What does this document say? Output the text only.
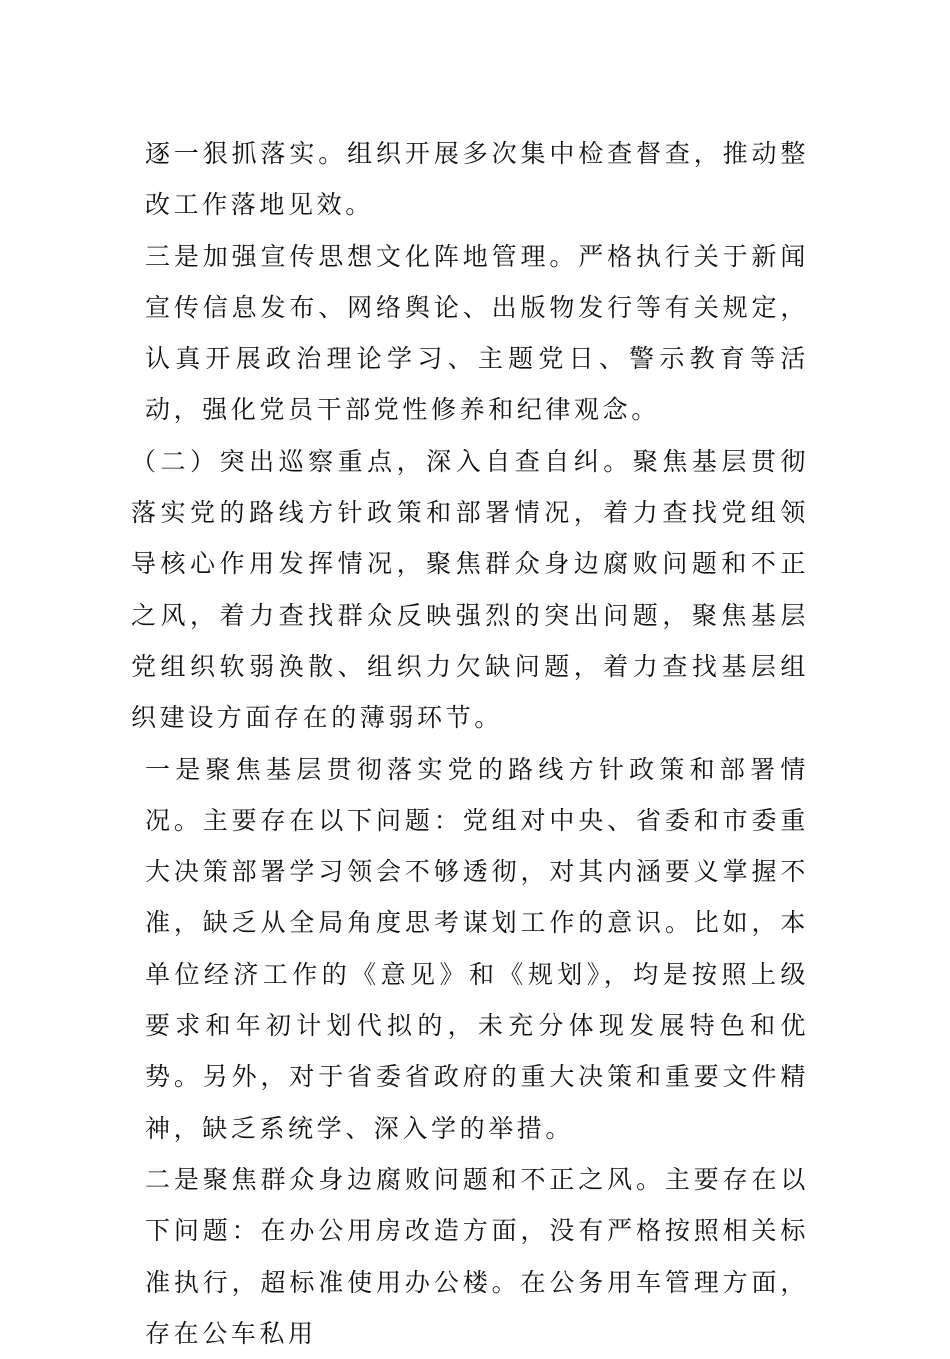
逐一狠抓落实。组织开展多次集中检查督查，推动整改工作落地见效。

三是加强宣传思想文化阵地管理。严格执行关于新闻宣传信息发布、网络舆论、出版物发行等有关规定，认真开展政治理论学习、主题党日、警示教育等活动，强化党员干部党性修养和纪律观念。

（二）突出巡察重点，深入自查自纠。聚焦基层贯彻落实党的路线方针政策和部署情况，着力查找党组领导核心作用发挥情况，聚焦群众身边腐败问题和不正之风，着力查找群众反映强烈的突出问题，聚焦基层党组织软弱涣散、组织力欠缺问题，着力查找基层组织建设方面存在的薄弱环节。

一是聚焦基层贯彻落实党的路线方针政策和部署情况。主要存在以下问题：党组对中央、省委和市委重大决策部署学习领会不够透彻，对其内涵要义掌握不准，缺乏从全局角度思考谋划工作的意识。比如，本单位经济工作的《意见》和《规划》，均是按照上级要求和年初计划代拟的，未充分体现发展特色和优势。另外，对于省委省政府的重大决策和重要文件精神，缺乏系统学、深入学的举措。

二是聚焦群众身边腐败问题和不正之风。主要存在以下问题：在办公用房改造方面，没有严格按照相关标准执行，超标准使用办公楼。在公务用车管理方面，存在公车私用
